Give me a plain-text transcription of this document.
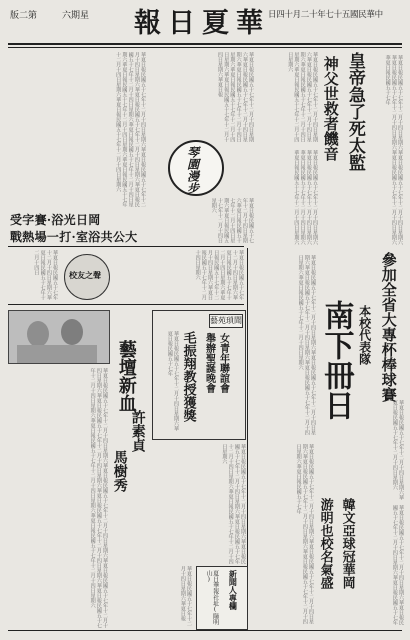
版二第	六期星 報日夏華
日四十月二十年七十五國民華中
皇帝急了死太監
神父世救者饑音	華夏日報民國五十七年十二月十四日星期六華夏日報民國五十七年十二月十四日星期六華夏日報民國五十七年十二月十四日星期六華夏日報民國五十七年十二月十四日星期六華夏日報民國五十七年
華夏日報民國五十七年十二月十四日星期六華夏日報民國五十七年十二月十四日星期六華夏日報民國五十七年十二月十四日星期六華夏日報民國五十七年十二月十四日星期六
華夏日報民國五十七年十二月十四日星期六華夏日報民國五十七年十二月十四日星期六華夏日報民國五十七年十二月十四日星期六華夏日報民國五十七年十二月十四日星期六
華夏日報民國五十七年十二月十四日星期六華夏日報民國五十七年十二月十四日星期六華夏日報民國五十七年十二月十四日星期六華夏日報民國五十七年十二月十四日星期六華夏日報民國五十七年十二月十四日星期六華夏日報
琴園漫步
華夏日報民國五十七年十二月十四日星期六華夏日報民國五十七年十二月十四日星期六華夏日報民國五十七年十二月十四日星期六
華夏日報民國五十七年十二月十四日星期六華夏日報民國五十七年十二月十四日星期六華夏日報民國五十七年十二月十四日星期六華夏日報民國五十七年十二月十四日星期六華夏日報民國五十七年十二月十四日星期六華夏日報民國五十七年十二月十四日星期六華夏日報民國五十七年十二月十四日星期六華夏日報民國五十七年十二月十四日星期六
受字賽·浴光日岡
戰熱場一打·室浴共公大
華夏日報民國五十七年十二月十四日星期六華夏日報民國五十七年十二月十四日	校友之聲	華夏日報民國五十七年十二月十四日星期六華夏日報民國五十七年十二月十四日星期六華夏日報民國五十七年十二月十四日星期六華夏日報民國五十七年十二月十四日星期六	參加全省大專杯棒球賽
本校代表隊
南下冊日
華夏日報民國五十七年十二月十四日星期六華夏日報民國五十七年十二月十四日星期六華夏日報民國五十七年十二月十四日星期六華夏日報民國五十七年十二月十四日星期六華夏日報民國五十七年十二月十四日星期六
華夏日報民國五十七年十二月十四日星期六華夏日報民國五十七年十二月十四日星期六
藝苑瑣聞
女青年聯誼會
舉辦聖誕晚會
毛振翔教授獲獎
華夏日報民國五十七年十二月十四日星期六華夏日報民國五十七年
藝壇新血
許素貞
馬樹秀
華夏日報民國五十七年十二月十四日星期六華夏日報民國五十七年十二月十四日星期六華夏日報民國五十七年十二月十四日星期六華夏日報民國五十七年十二月十四日星期六華夏日報民國五十七年十二月十四日星期六華夏日報民國五十七年十二月十四日星期六華夏日報民國五十七年十二月十四日星期六華夏日報民國五十七年十二月十四日星期六	華夏日報民國五十七年十二月十四日星期六華夏日報民國五十七年十二月十四日星期六華夏日報民國五十七年十二月十四日星期六華夏日報民國五十七年十二月十四日星期六
韓文亞球冠華岡
游明也校名氣盛	華夏日報民國五十七年十二月十四日星期六華夏日報民國五十七年十二月十四日星期六華夏日報民國五十七年
華夏日報民國五十七年十二月十四日星期六華夏日報民國五十七年十二月十四日星期六華夏日報民國五十七年十二月十四日星期六華夏日報民國五十七年十二月十四日星期六華夏日報民國五十七年
新聞人專欄
夏日華報社址(陽明山)
華夏日報民國五十七年十二月十四日星期六華夏日報
